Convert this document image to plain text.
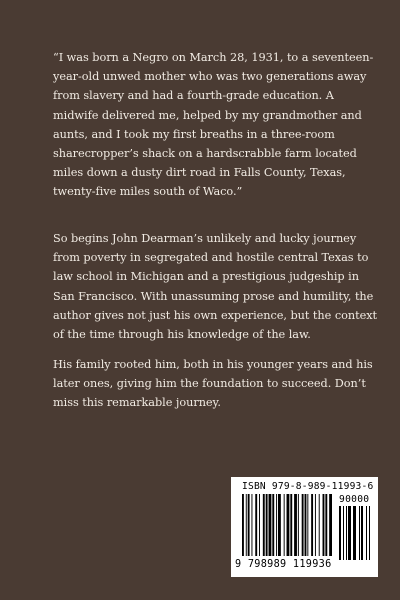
“I was born a Negro on March 28, 1931, to a seventeen-year-old unwed mother who was two generations away from slavery and had a fourth-grade education. A midwife delivered me, helped by my grandmother and aunts, and I took my first breaths in a three-room sharecropper’s shack on a hardscrabble farm located miles down a dusty dirt road in Falls County, Texas, twenty-five miles south of Waco.”

So begins John Dearman’s unlikely and lucky journey from poverty in segregated and hostile central Texas to law school in Michigan and a prestigious judgeship in San Francisco. With unassuming prose and humility, the author gives not just his own experience, but the context of the time through his knowledge of the law.

His family rooted him, both in his younger years and his later ones, giving him the foundation to succeed. Don’t miss this remarkable journey.

ISBN 979-8-989-11993-6
90000
9 798989 119936
